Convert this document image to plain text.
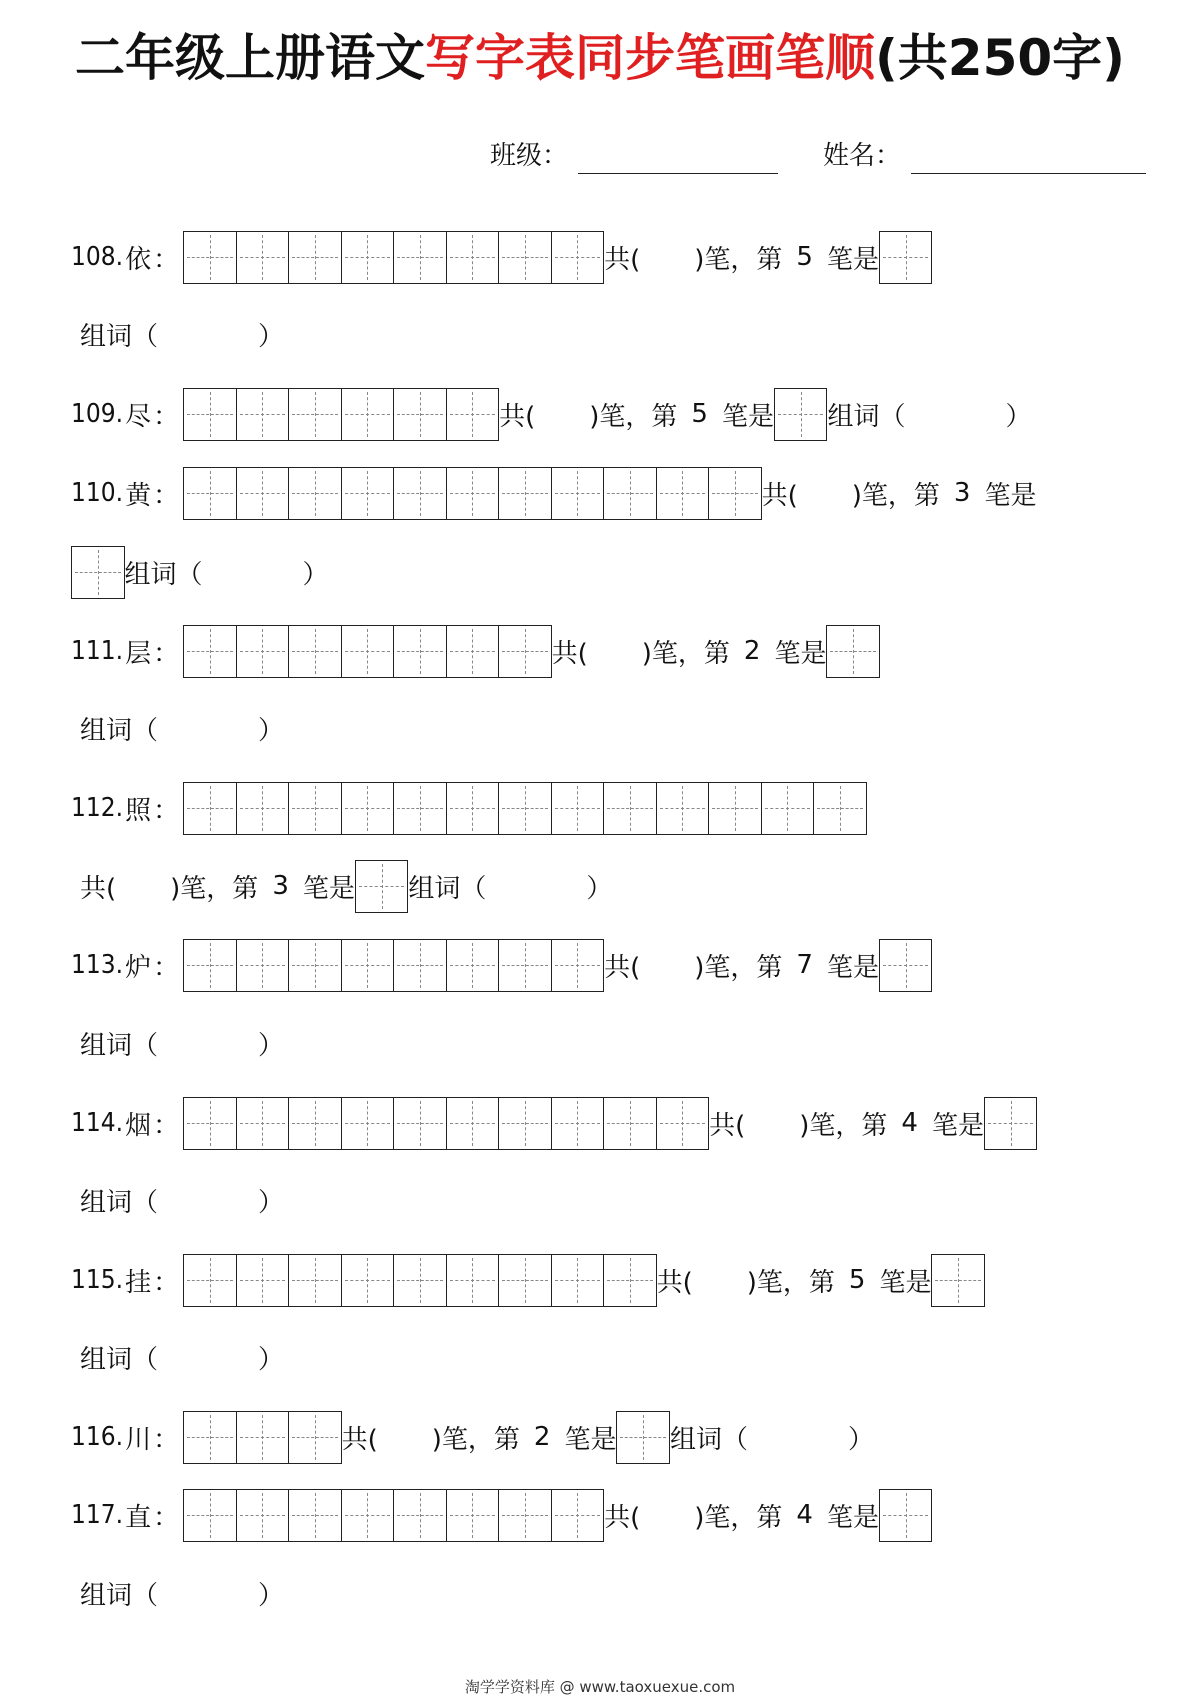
二年级上册语文写字表同步笔画笔顺(共250字)
班级：	姓名：
108. 依 ：	共( )笔，第 5 笔是
组词（	）
109. 尽 ：	共( )笔，第 5 笔是 组词（	）
110. 黄 ：	共( )笔，第 3 笔是
组词（	）
111. 层 ：	共( )笔，第 2 笔是
组词（	）
112. 照 ：
共( )笔，第 3 笔是 组词（	）
113. 炉 ：	共( )笔，第 7 笔是
组词（	）
114. 烟 ：	共( )笔，第 4 笔是
组词（	）
115. 挂 ：	共( )笔，第 5 笔是
组词（	）
116. 川 ：	共( )笔，第 2 笔是 组词（	）
117. 直 ：	共( )笔，第 4 笔是
组词（	）
淘学学资料库 @ www.taoxuexue.com
